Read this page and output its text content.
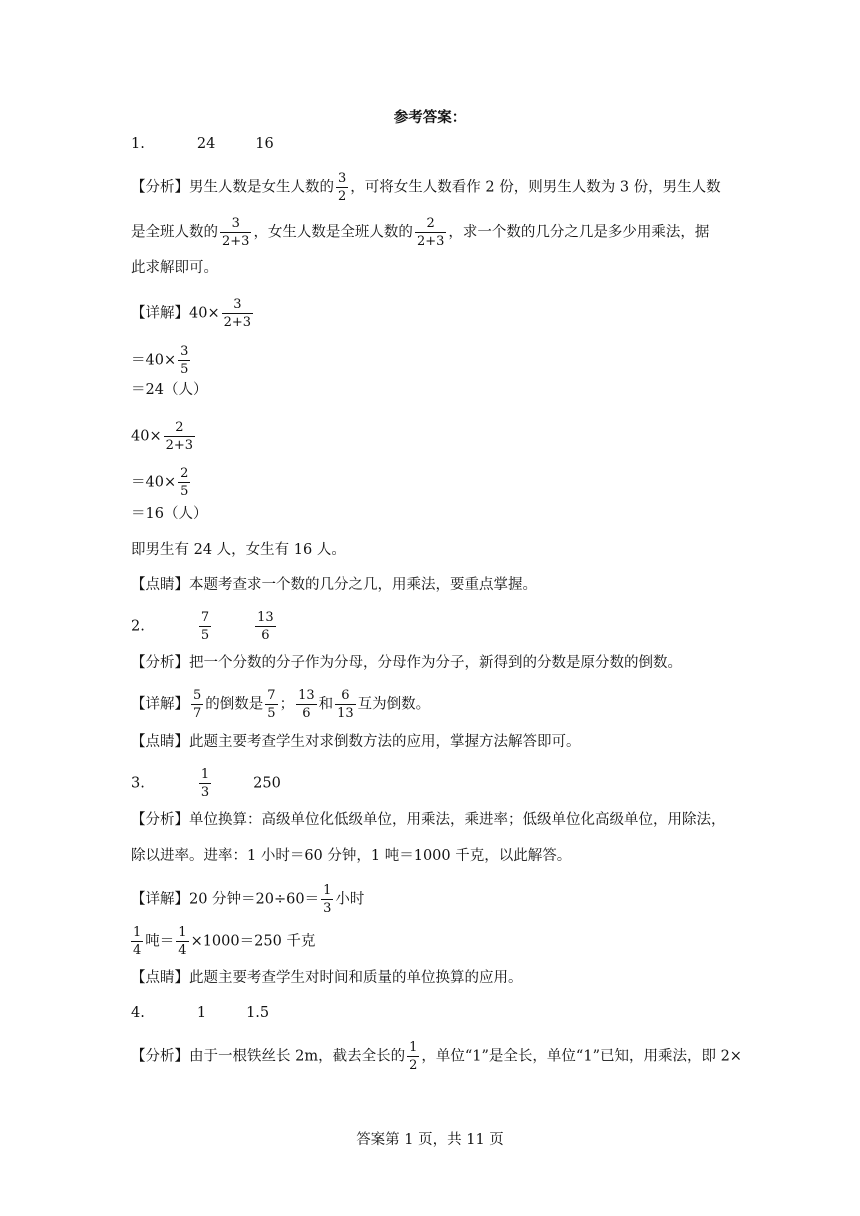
参考答案：
1.	24	16
【分析】男生人数是女生人数的 $\frac{3}{2}$ ，可将女生人数看作 2 份，则男生人数为 3 份，男生人数
是全班人数的 $\frac{3}{2+3}$ ，女生人数是全班人数的 $\frac{2}{2+3}$ ，求一个数的几分之几是多少用乘法，据
此求解即可。
【详解】$40\times \frac{3}{2+3}$
$=40\times \frac{3}{5}$
＝24（人）
$40\times \frac{2}{2+3}$
$=40\times \frac{2}{5}$
＝16（人）
即男生有 24 人，女生有 16 人。
【点睛】本题考查求一个数的几分之几，用乘法，要重点掌握。
2.	$\frac{7}{5}$	$\frac{13}{6}$
【分析】把一个分数的分子作为分母，分母作为分子，新得到的分数是原分数的倒数。
【详解】 $\frac{5}{7}$ 的倒数是 $\frac{7}{5}$ ； $\frac{13}{6}$ 和 $\frac{6}{13}$ 互为倒数。
【点睛】此题主要考查学生对求倒数方法的应用，掌握方法解答即可。
3.	$\frac{1}{3}$	250
【分析】单位换算：高级单位化低级单位，用乘法，乘进率；低级单位化高级单位，用除法，
除以进率。进率：1 小时＝60 分钟，1 吨＝1000 千克，以此解答。
【详解】20 分钟$=20\div 60= \frac{1}{3}$ 小时
$\frac{1}{4}$ 吨＝ $\frac{1}{4} \times 1000=250$ 千克
【点睛】此题主要考查学生对时间和质量的单位换算的应用。
4.	1	1.5
【分析】由于一根铁丝长 2m，截去全长的 $\frac{1}{2}$ ，单位“1”是全长，单位“1”已知，用乘法，即 2×
答案第 1 页，共 11 页
